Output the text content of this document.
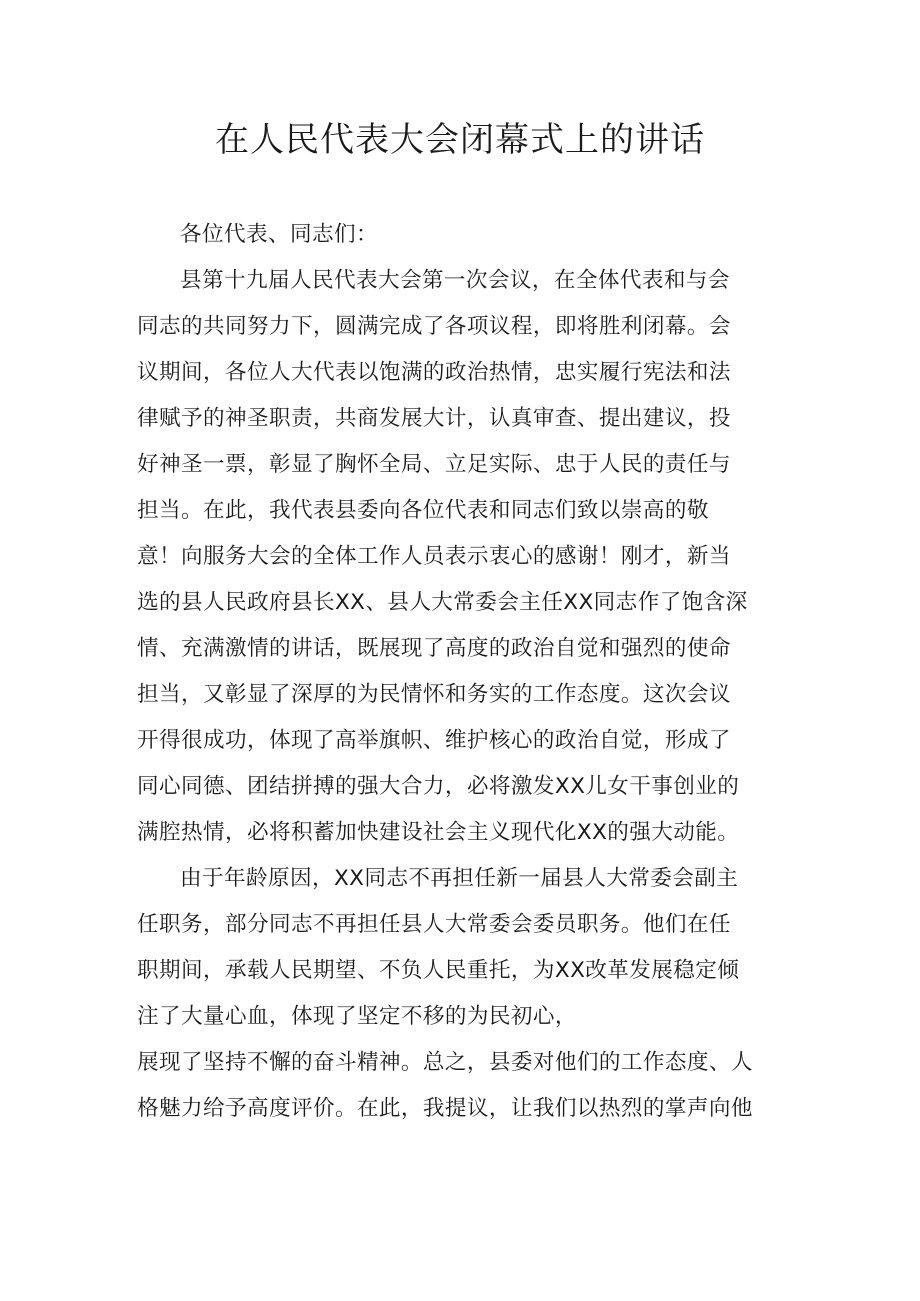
在人民代表大会闭幕式上的讲话

各位代表、同志们：

县第十九届人民代表大会第一次会议，在全体代表和与会

同志的共同努力下，圆满完成了各项议程，即将胜利闭幕。会

议期间，各位人大代表以饱满的政治热情，忠实履行宪法和法

律赋予的神圣职责，共商发展大计，认真审查、提出建议，投

好神圣一票，彰显了胸怀全局、立足实际、忠于人民的责任与

担当。在此，我代表县委向各位代表和同志们致以崇高的敬

意！向服务大会的全体工作人员表示衷心的感谢！刚才，新当

选的县人民政府县长XX、县人大常委会主任XX同志作了饱含深

情、充满激情的讲话，既展现了高度的政治自觉和强烈的使命

担当，又彰显了深厚的为民情怀和务实的工作态度。这次会议

开得很成功，体现了高举旗帜、维护核心的政治自觉，形成了

同心同德、团结拼搏的强大合力，必将激发XX儿女干事创业的

满腔热情，必将积蓄加快建设社会主义现代化XX的强大动能。

由于年龄原因，XX同志不再担任新一届县人大常委会副主

任职务，部分同志不再担任县人大常委会委员职务。他们在任

职期间，承载人民期望、不负人民重托，为XX改革发展稳定倾

注了大量心血，体现了坚定不移的为民初心，

展现了坚持不懈的奋斗精神。总之，县委对他们的工作态度、人

格魅力给予高度评价。在此，我提议，让我们以热烈的掌声向他
